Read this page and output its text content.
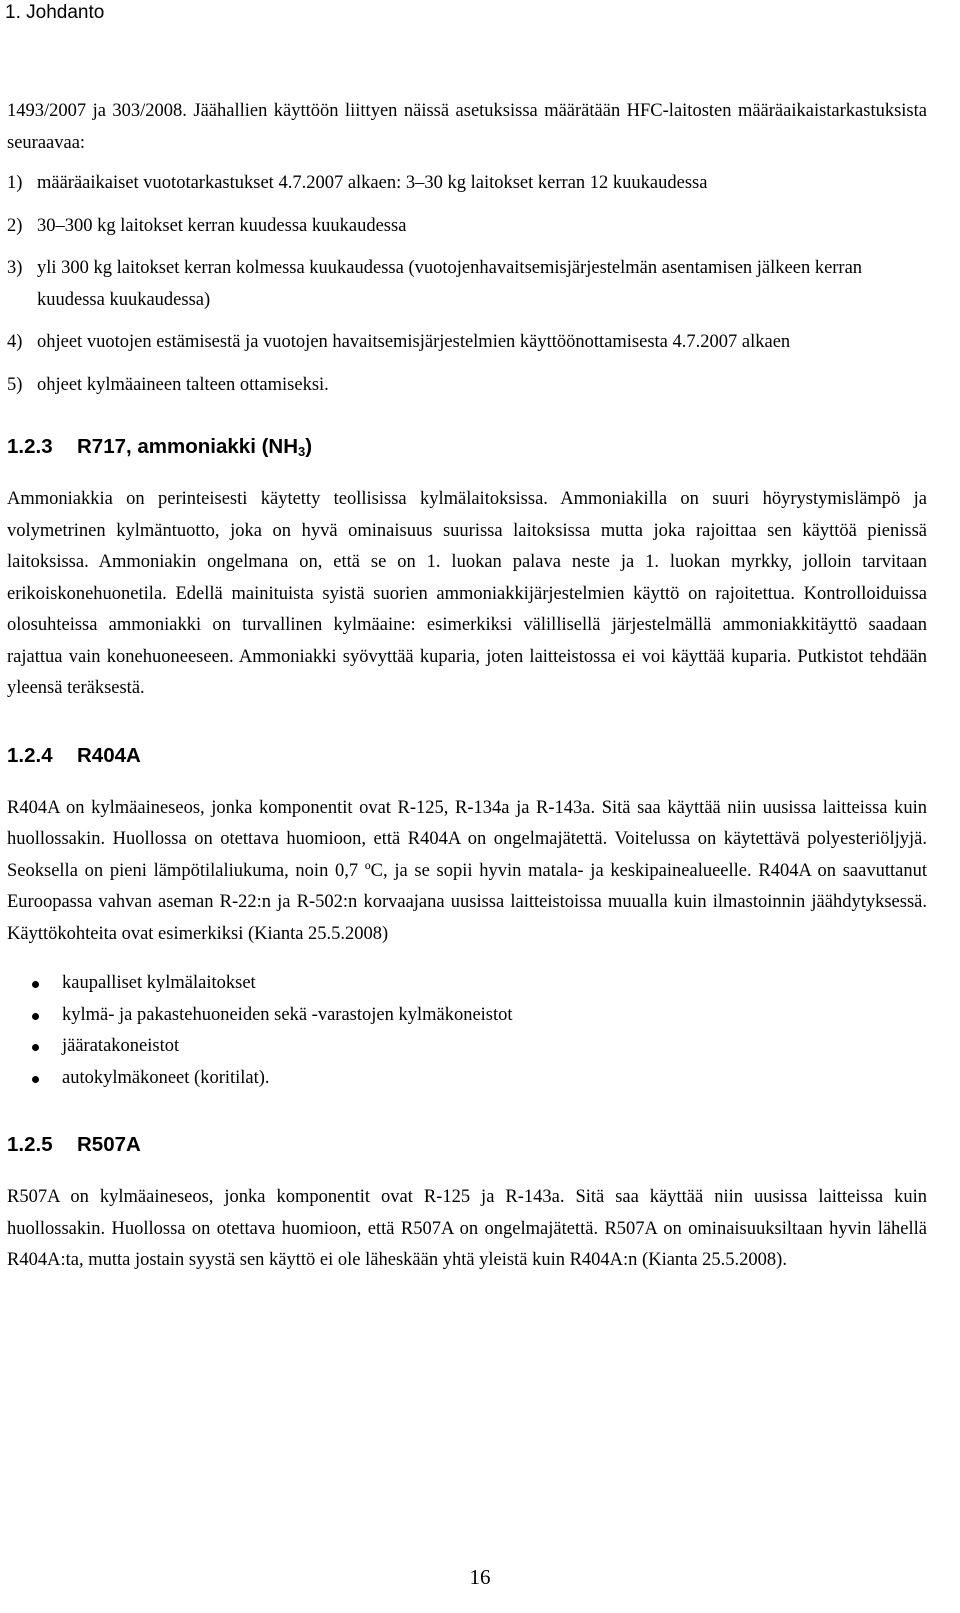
1. Johdanto

1493/2007 ja 303/2008. Jäähallien käyttöön liittyen näissä asetuksissa määrätään HFC-laitosten määräaikaistarkastuksista seuraavaa:

1) määräaikaiset vuototarkastukset 4.7.2007 alkaen: 3–30 kg laitokset kerran 12 kuukaudessa
2) 30–300 kg laitokset kerran kuudessa kuukaudessa
3) yli 300 kg laitokset kerran kolmessa kuukaudessa (vuotojenhavaitsemisjärjestelmän asentamisen jälkeen kerran kuudessa kuukaudessa)
4) ohjeet vuotojen estämisestä ja vuotojen havaitsemisjärjestelmien käyttöönottamisesta 4.7.2007 alkaen
5) ohjeet kylmäaineen talteen ottamiseksi.
1.2.3 R717, ammoniakki $(NH_3)$

Ammoniakkia on perinteisesti käytetty teollisissa kylmälaitoksissa. Ammoniakilla on suuri höyrystymislämpö ja volymetrinen kylmäntuotto, joka on hyvä ominaisuus suurissa laitoksissa mutta joka rajoittaa sen käyttöä pienissä laitoksissa. Ammoniakin ongelmana on, että se on 1. luokan palava neste ja 1. luokan myrkky, jolloin tarvitaan erikoiskonehuonetila. Edellä mainituista syistä suorien ammoniakkijärjestelmien käyttö on rajoitettua. Kontrolloiduissa olosuhteissa ammoniakki on turvallinen kylmäaine: esimerkiksi välillisellä järjestelmällä ammoniakkitäyttö saadaan rajattua vain konehuoneeseen. Ammoniakki syövyttää kuparia, joten laitteistossa ei voi käyttää kuparia. Putkistot tehdään yleensä teräksestä.

1.2.4 R404A

R404A on kylmäaineseos, jonka komponentit ovat R-125, R-134a ja R-143a. Sitä saa käyttää niin uusissa laitteissa kuin huollossakin. Huollossa on otettava huomioon, että R404A on ongelmajätettä. Voitelussa on käytettävä polyesteriöljyjä. Seoksella on pieni lämpötilaliukuma, noin 0,7 ºC, ja se sopii hyvin matala- ja keskipainealueelle. R404A on saavuttanut Euroopassa vahvan aseman R-22:n ja R-502:n korvaajana uusissa laitteistoissa muualla kuin ilmastoinnin jäähdytyksessä. Käyttökohteita ovat esimerkiksi (Kianta 25.5.2008)

kaupalliset kylmälaitokset
kylmä- ja pakastehuoneiden sekä -varastojen kylmäkoneistot
jääratakoneistot
autokylmäkoneet (koritilat).
1.2.5 R507A

R507A on kylmäaineseos, jonka komponentit ovat R-125 ja R-143a. Sitä saa käyttää niin uusissa laitteissa kuin huollossakin. Huollossa on otettava huomioon, että R507A on ongelmajätettä. R507A on ominaisuuksiltaan hyvin lähellä R404A:ta, mutta jostain syystä sen käyttö ei ole läheskään yhtä yleistä kuin R404A:n (Kianta 25.5.2008).

16
